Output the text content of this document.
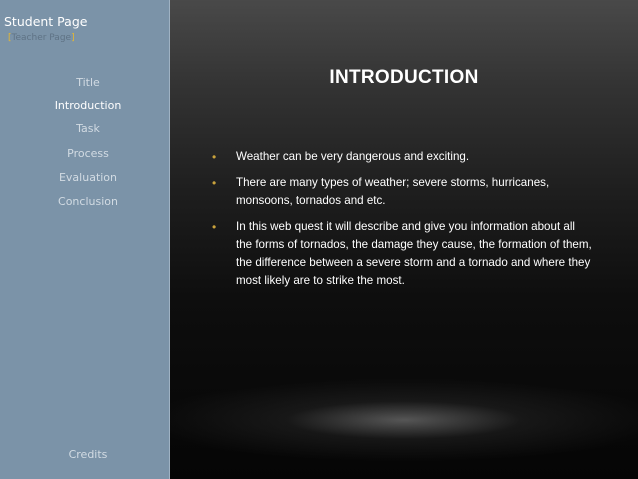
Student Page
[Teacher Page]
Title
Introduction
Task
Process
Evaluation
Conclusion
Credits
INTRODUCTION
• Weather can be very dangerous and exciting.
• There are many types of weather; severe storms, hurricanes, monsoons, tornados and etc.
• In this web quest it will describe and give you information about all the forms of tornados, the damage they cause, the formation of them, the difference between a severe storm and a tornado and where they most likely are to strike the most.
